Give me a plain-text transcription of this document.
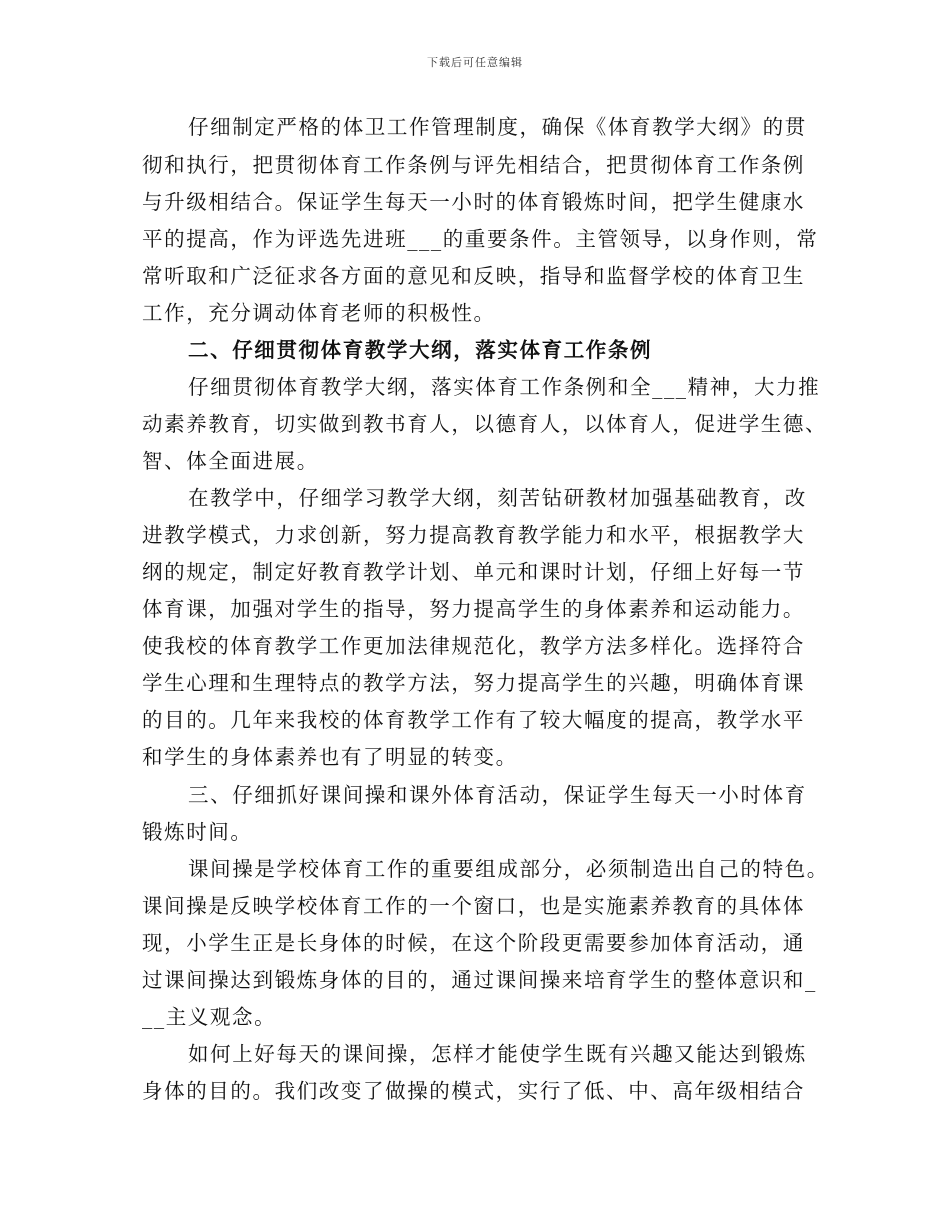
下载后可任意编辑
仔细制定严格的体卫工作管理制度，确保《体育教学大纲》的贯
彻和执行，把贯彻体育工作条例与评先相结合，把贯彻体育工作条例
与升级相结合。保证学生每天一小时的体育锻炼时间，把学生健康水
平的提高，作为评选先进班___的重要条件。主管领导，以身作则，常
常听取和广泛征求各方面的意见和反映，指导和监督学校的体育卫生
工作，充分调动体育老师的积极性。
二、仔细贯彻体育教学大纲，落实体育工作条例
仔细贯彻体育教学大纲，落实体育工作条例和全___精神，大力推
动素养教育，切实做到教书育人，以德育人，以体育人，促进学生德、
智、体全面进展。
在教学中，仔细学习教学大纲，刻苦钻研教材加强基础教育，改
进教学模式，力求创新，努力提高教育教学能力和水平，根据教学大
纲的规定，制定好教育教学计划、单元和课时计划，仔细上好每一节
体育课，加强对学生的指导，努力提高学生的身体素养和运动能力。
使我校的体育教学工作更加法律规范化，教学方法多样化。选择符合
学生心理和生理特点的教学方法，努力提高学生的兴趣，明确体育课
的目的。几年来我校的体育教学工作有了较大幅度的提高，教学水平
和学生的身体素养也有了明显的转变。
三、仔细抓好课间操和课外体育活动，保证学生每天一小时体育
锻炼时间。
课间操是学校体育工作的重要组成部分，必须制造出自己的特色。
课间操是反映学校体育工作的一个窗口，也是实施素养教育的具体体
现，小学生正是长身体的时候，在这个阶段更需要参加体育活动，通
过课间操达到锻炼身体的目的，通过课间操来培育学生的整体意识和_
__主义观念。
如何上好每天的课间操，怎样才能使学生既有兴趣又能达到锻炼
身体的目的。我们改变了做操的模式，实行了低、中、高年级相结合
